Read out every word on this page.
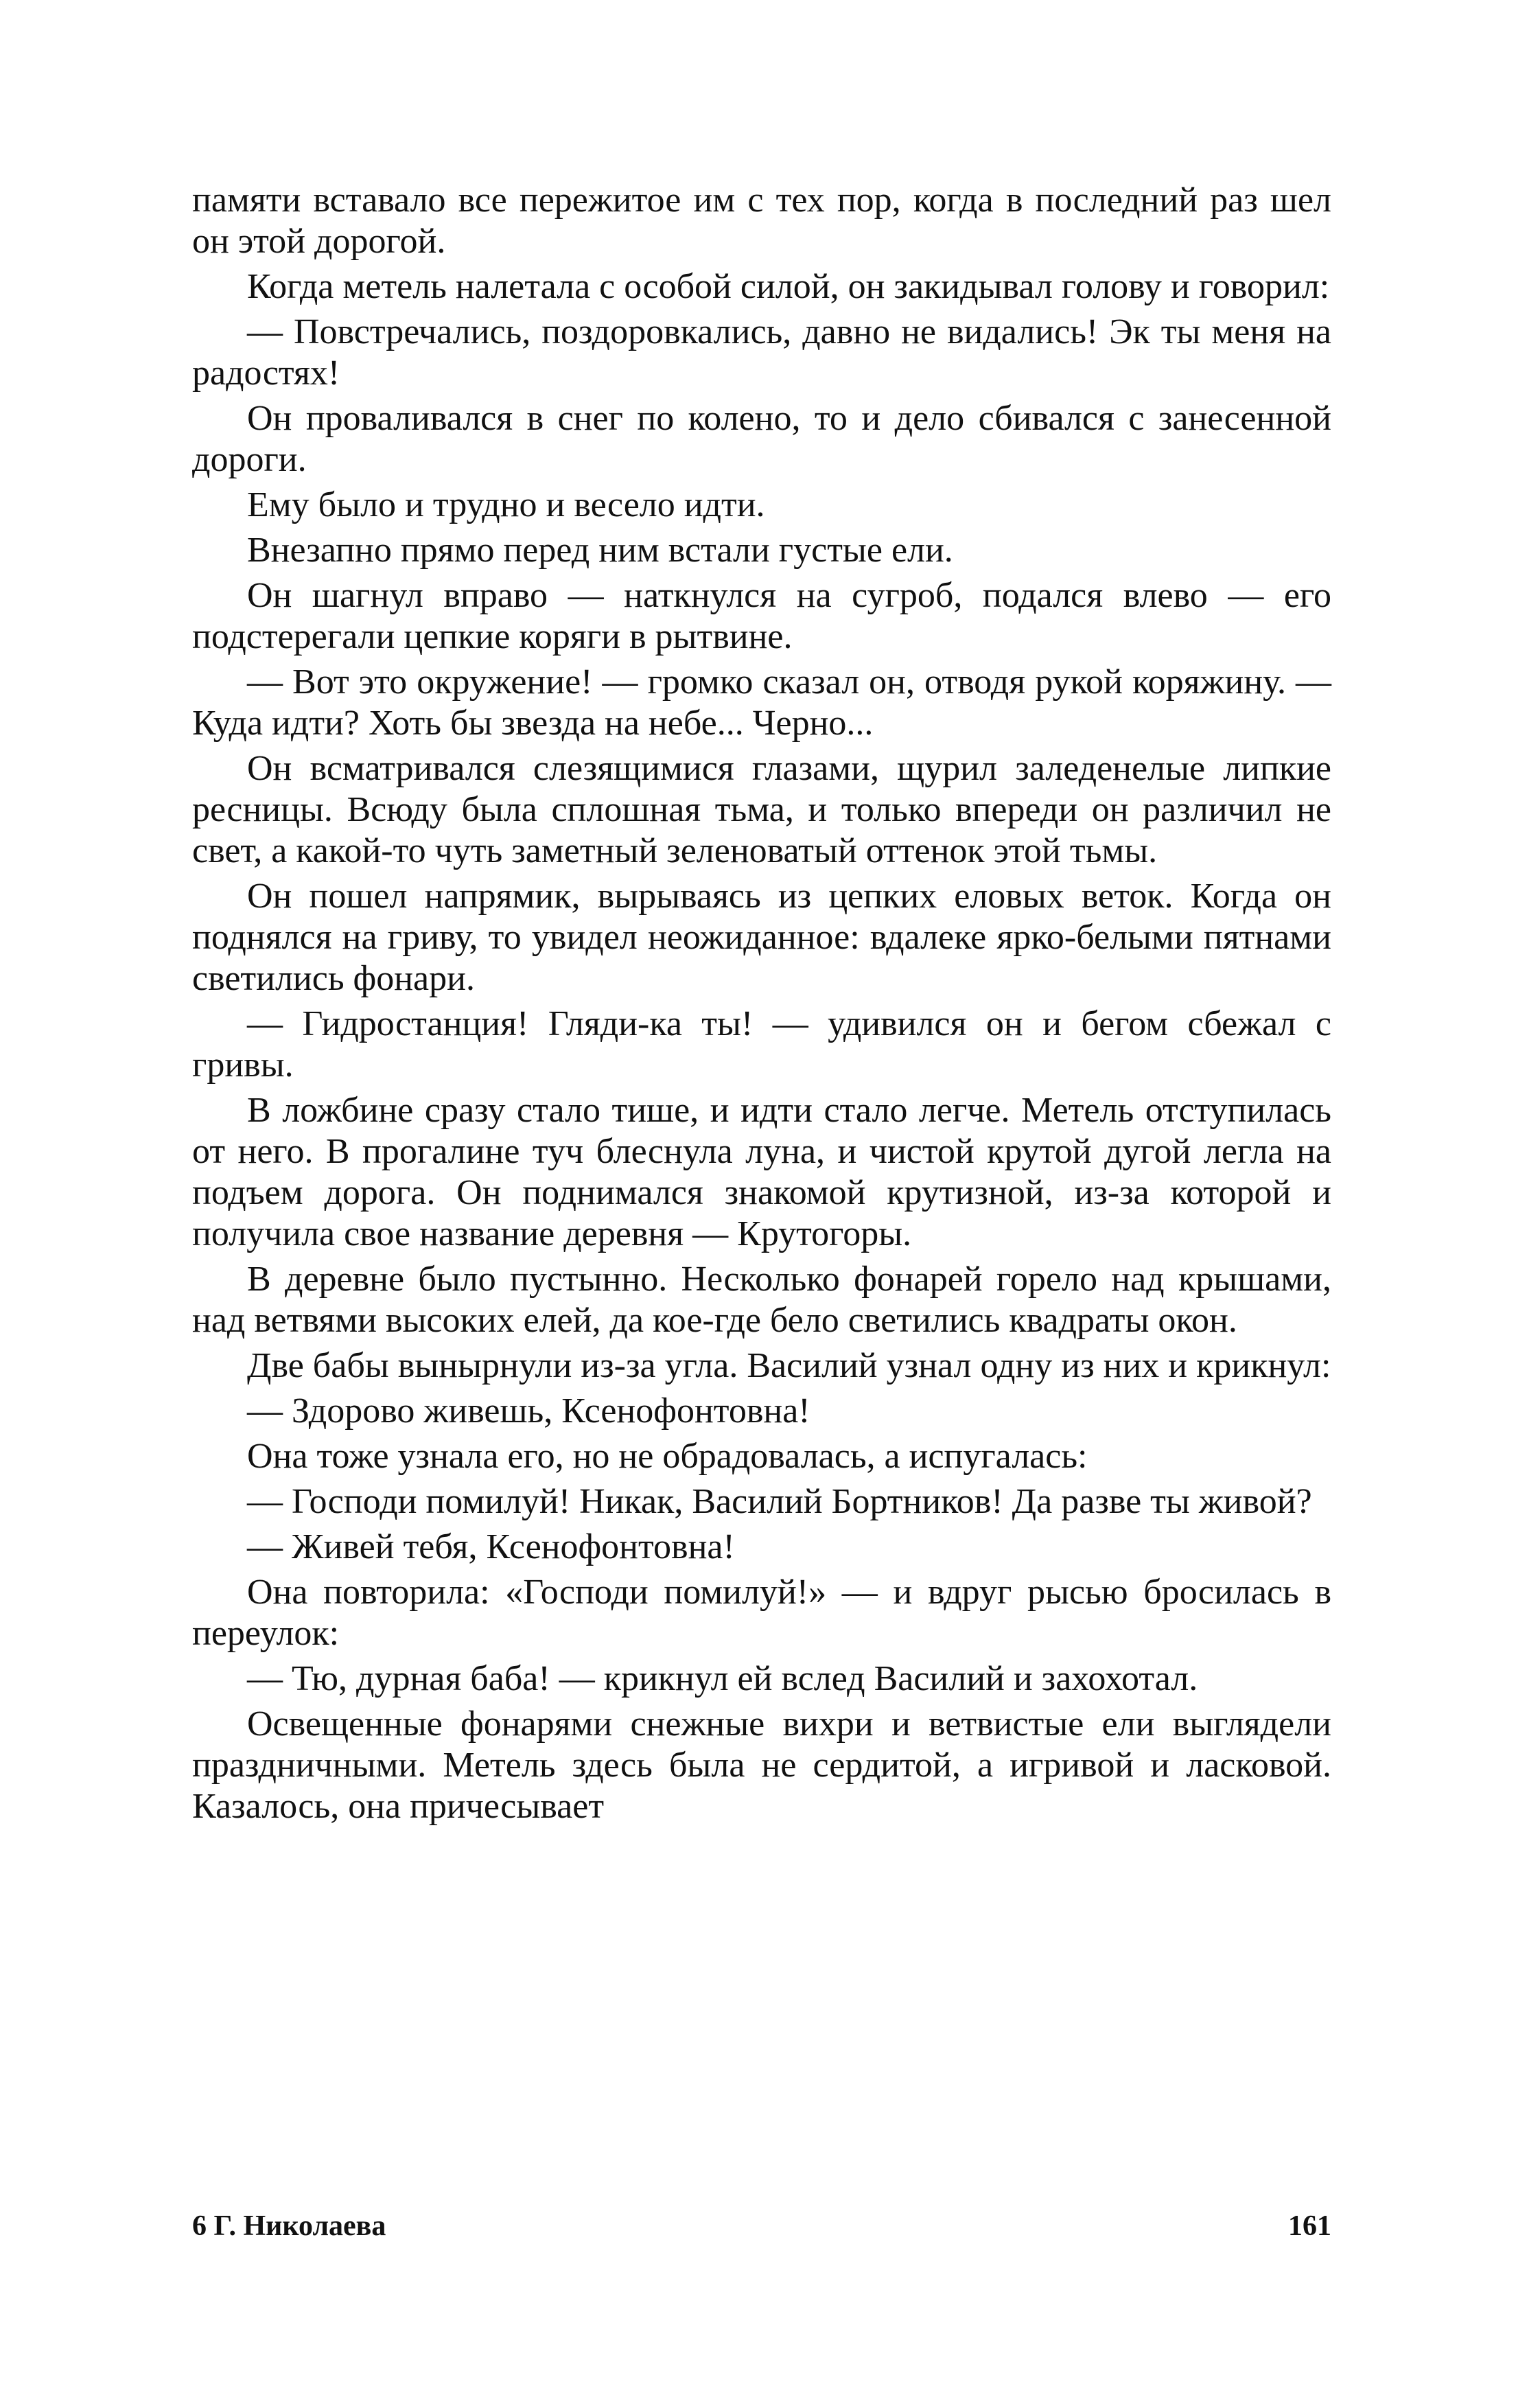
памяти вставало все пережитое им с тех пор, когда в последний раз шел он этой дорогой.

Когда метель налетала с особой силой, он закидывал голову и говорил:

— Повстречались, поздоровкались, давно не видались! Эк ты меня на радостях!

Он проваливался в снег по колено, то и дело сбивался с занесенной дороги.

Ему было и трудно и весело идти.

Внезапно прямо перед ним встали густые ели.

Он шагнул вправо — наткнулся на сугроб, подался влево — его подстерегали цепкие коряги в рытвине.

— Вот это окружение! — громко сказал он, отводя рукой коряжину. — Куда идти? Хоть бы звезда на небе... Черно...

Он всматривался слезящимися глазами, щурил заледенелые липкие ресницы. Всюду была сплошная тьма, и только впереди он различил не свет, а какой-то чуть заметный зеленоватый оттенок этой тьмы.

Он пошел напрямик, вырываясь из цепких еловых веток. Когда он поднялся на гриву, то увидел неожиданное: вдалеке ярко-белыми пятнами светились фонари.

— Гидростанция! Гляди-ка ты! — удивился он и бегом сбежал с гривы.

В ложбине сразу стало тише, и идти стало легче. Метель отступилась от него. В прогалине туч блеснула луна, и чистой крутой дугой легла на подъем дорога. Он поднимался знакомой крутизной, из-за которой и получила свое название деревня — Крутогоры.

В деревне было пустынно. Несколько фонарей горело над крышами, над ветвями высоких елей, да кое-где бело светились квадраты окон.

Две бабы вынырнули из-за угла. Василий узнал одну из них и крикнул:

— Здорово живешь, Ксенофонтовна!

Она тоже узнала его, но не обрадовалась, а испугалась:

— Господи помилуй! Никак, Василий Бортников! Да разве ты живой?

— Живей тебя, Ксенофонтовна!

Она повторила: «Господи помилуй!» — и вдруг рысью бросилась в переулок:

— Тю, дурная баба! — крикнул ей вслед Василий и захохотал.

Освещенные фонарями снежные вихри и ветвистые ели выглядели праздничными. Метель здесь была не сердитой, а игривой и ласковой. Казалось, она причесывает

6 Г. Николаева	161
